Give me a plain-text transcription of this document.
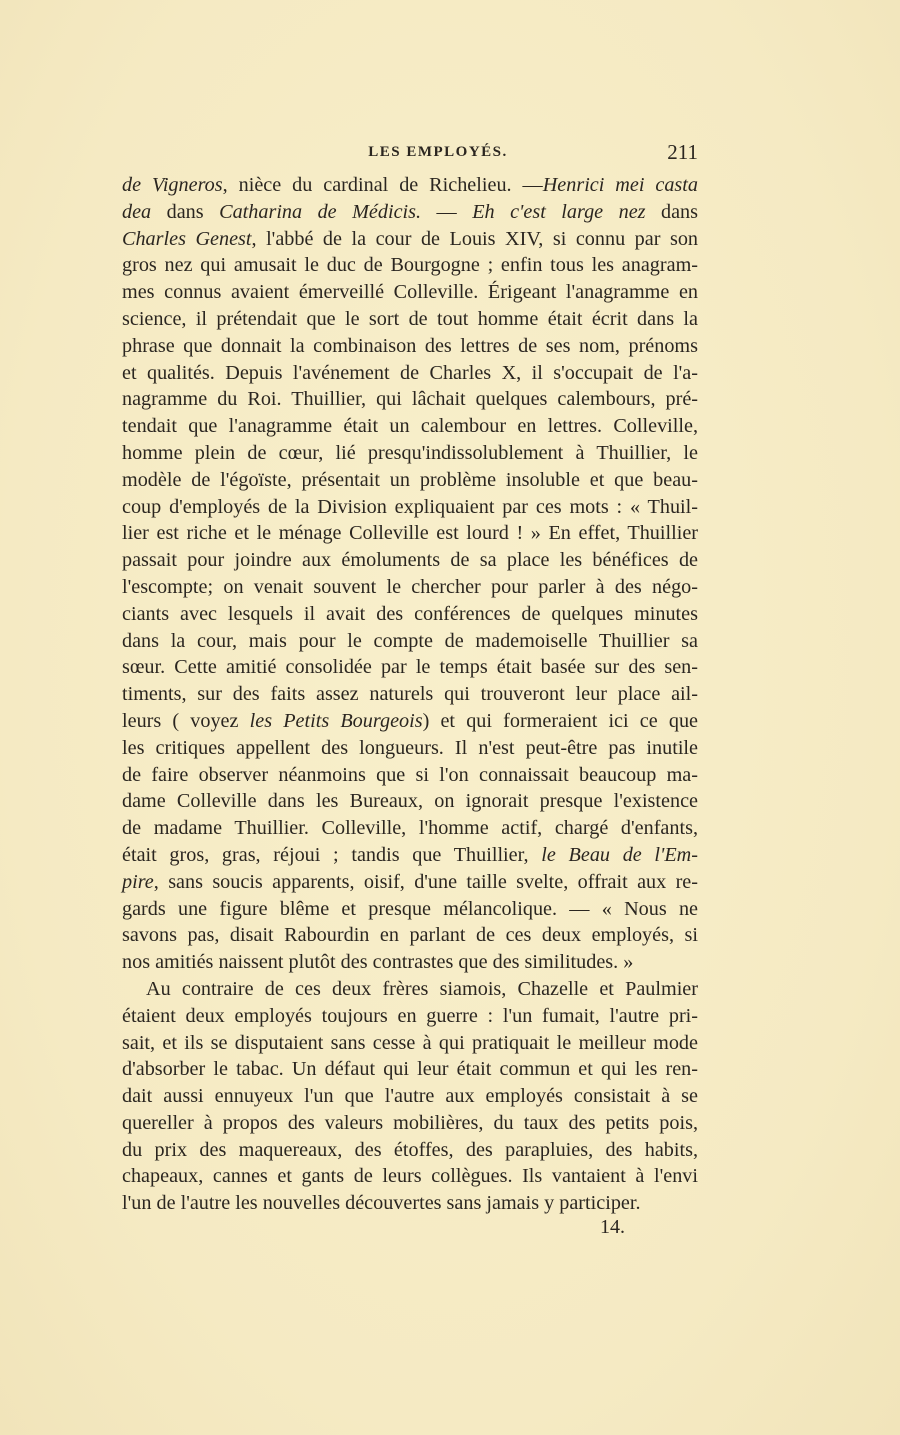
LES EMPLOYÉS.	211
de Vigneros, nièce du cardinal de Richelieu. —Henrici mei casta
dea dans Catharina de Médicis. — Eh c'est large nez dans
Charles Genest, l'abbé de la cour de Louis XIV, si connu par son
gros nez qui amusait le duc de Bourgogne ; enfin tous les anagram-
mes connus avaient émerveillé Colleville. Érigeant l'anagramme en
science, il prétendait que le sort de tout homme était écrit dans la
phrase que donnait la combinaison des lettres de ses nom, prénoms
et qualités. Depuis l'avénement de Charles X, il s'occupait de l'a-
nagramme du Roi. Thuillier, qui lâchait quelques calembours, pré-
tendait que l'anagramme était un calembour en lettres. Colleville,
homme plein de cœur, lié presqu'indissolublement à Thuillier, le
modèle de l'égoïste, présentait un problème insoluble et que beau-
coup d'employés de la Division expliquaient par ces mots : « Thuil-
lier est riche et le ménage Colleville est lourd ! » En effet, Thuillier
passait pour joindre aux émoluments de sa place les bénéfices de
l'escompte; on venait souvent le chercher pour parler à des négo-
ciants avec lesquels il avait des conférences de quelques minutes
dans la cour, mais pour le compte de mademoiselle Thuillier sa
sœur. Cette amitié consolidée par le temps était basée sur des sen-
timents, sur des faits assez naturels qui trouveront leur place ail-
leurs ( voyez les Petits Bourgeois) et qui formeraient ici ce que
les critiques appellent des longueurs. Il n'est peut-être pas inutile
de faire observer néanmoins que si l'on connaissait beaucoup ma-
dame Colleville dans les Bureaux, on ignorait presque l'existence
de madame Thuillier. Colleville, l'homme actif, chargé d'enfants,
était gros, gras, réjoui ; tandis que Thuillier, le Beau de l'Em-
pire, sans soucis apparents, oisif, d'une taille svelte, offrait aux re-
gards une figure blême et presque mélancolique. — « Nous ne
savons pas, disait Rabourdin en parlant de ces deux employés, si
nos amitiés naissent plutôt des contrastes que des similitudes. »
Au contraire de ces deux frères siamois, Chazelle et Paulmier
étaient deux employés toujours en guerre : l'un fumait, l'autre pri-
sait, et ils se disputaient sans cesse à qui pratiquait le meilleur mode
d'absorber le tabac. Un défaut qui leur était commun et qui les ren-
dait aussi ennuyeux l'un que l'autre aux employés consistait à se
quereller à propos des valeurs mobilières, du taux des petits pois,
du prix des maquereaux, des étoffes, des parapluies, des habits,
chapeaux, cannes et gants de leurs collègues. Ils vantaient à l'envi
l'un de l'autre les nouvelles découvertes sans jamais y participer.
14.
